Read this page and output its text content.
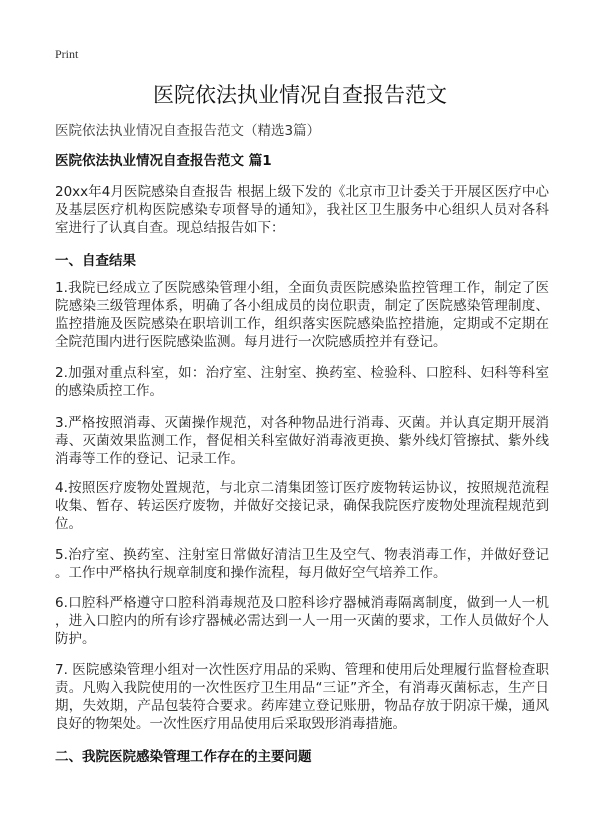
Print
医院依法执业情况自查报告范文
医院依法执业情况自查报告范文（精选3篇）
医院依法执业情况自查报告范文 篇1
20xx年4月医院感染自查报告 根据上级下发的《北京市卫计委关于开展区医疗中心
及基层医疗机构医院感染专项督导的通知》，我社区卫生服务中心组织人员对各科
室进行了认真自查。现总结报告如下：
一、自查结果
1.我院已经成立了医院感染管理小组，全面负责医院感染监控管理工作，制定了医
院感染三级管理体系，明确了各小组成员的岗位职责，制定了医院感染管理制度、
监控措施及医院感染在职培训工作，组织落实医院感染监控措施，定期或不定期在
全院范围内进行医院感染监测。每月进行一次院感质控并有登记。
2.加强对重点科室，如：治疗室、注射室、换药室、检验科、口腔科、妇科等科室
的感染质控工作。
3.严格按照消毒、灭菌操作规范，对各种物品进行消毒、灭菌。并认真定期开展消
毒、灭菌效果监测工作，督促相关科室做好消毒液更换、紫外线灯管擦拭、紫外线
消毒等工作的登记、记录工作。
4.按照医疗废物处置规范，与北京二清集团签订医疗废物转运协议，按照规范流程
收集、暂存、转运医疗废物，并做好交接记录，确保我院医疗废物处理流程规范到
位。
5.治疗室、换药室、注射室日常做好清洁卫生及空气、物表消毒工作，并做好登记
。工作中严格执行规章制度和操作流程，每月做好空气培养工作。
6.口腔科严格遵守口腔科消毒规范及口腔科诊疗器械消毒隔离制度，做到一人一机
，进入口腔内的所有诊疗器械必需达到一人一用一灭菌的要求，工作人员做好个人
防护。
7. 医院感染管理小组对一次性医疗用品的采购、管理和使用后处理履行监督检查职
责。凡购入我院使用的一次性医疗卫生用品“三证”齐全，有消毒灭菌标志，生产日
期，失效期，产品包装符合要求。药库建立登记账册，物品存放于阴凉干燥，通风
良好的物架处。一次性医疗用品使用后采取毁形消毒措施。
二、我院医院感染管理工作存在的主要问题
